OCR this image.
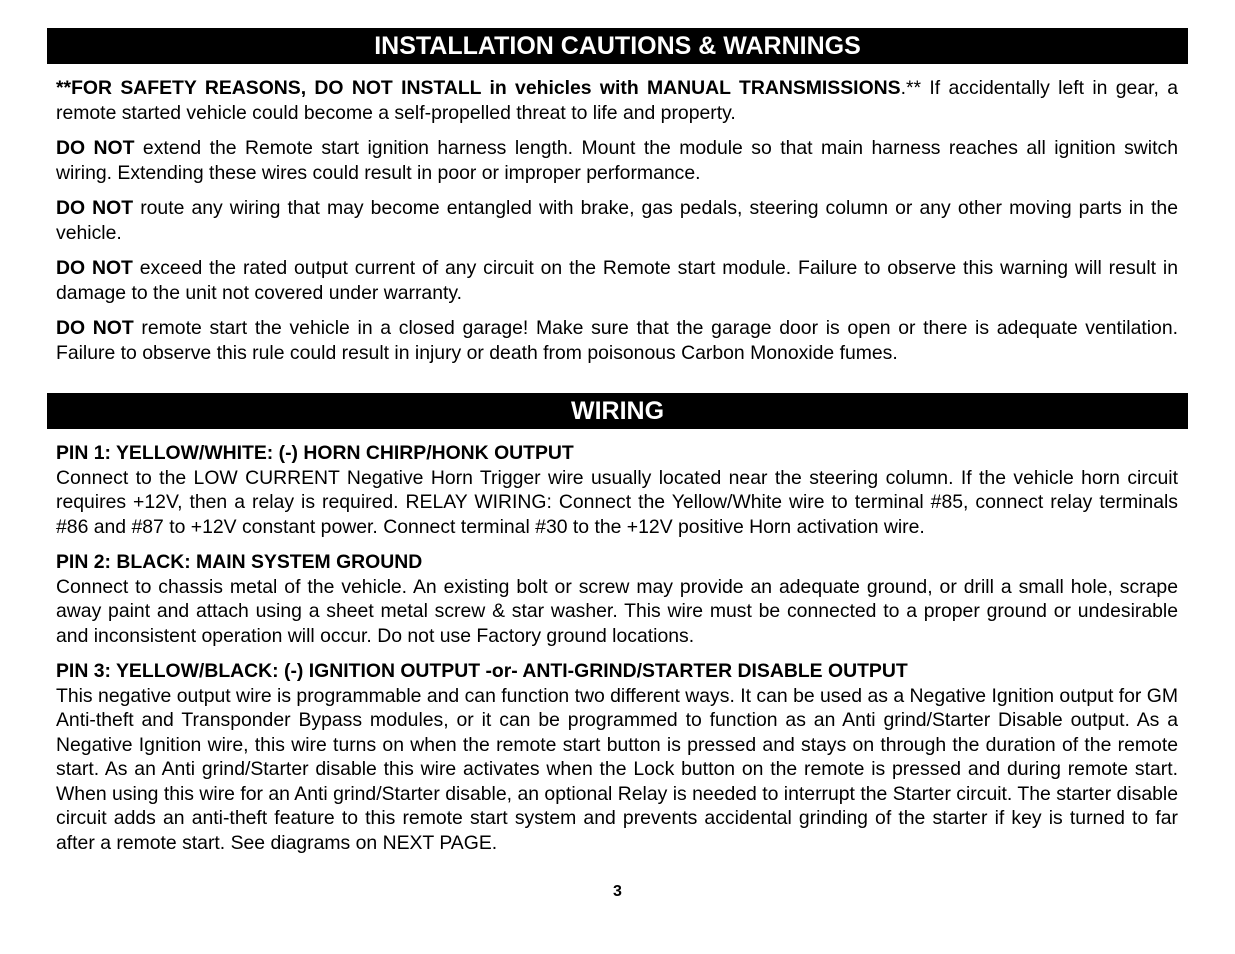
INSTALLATION CAUTIONS & WARNINGS

**FOR SAFETY REASONS, DO NOT INSTALL in vehicles with MANUAL TRANSMISSIONS.** If accidentally left in gear, a remote started vehicle could become a self-propelled threat to life and property.

DO NOT extend the Remote start ignition harness length. Mount the module so that main harness reaches all ignition switch wiring. Extending these wires could result in poor or improper performance.

DO NOT route any wiring that may become entangled with brake, gas pedals, steering column or any other moving parts in the vehicle.

DO NOT exceed the rated output current of any circuit on the Remote start module. Failure to observe this warning will result in damage to the unit not covered under warranty.

DO NOT remote start the vehicle in a closed garage! Make sure that the garage door is open or there is adequate ventilation. Failure to observe this rule could result in injury or death from poisonous Carbon Monoxide fumes.

WIRING

PIN 1: YELLOW/WHITE: (-) HORN CHIRP/HONK OUTPUT
Connect to the LOW CURRENT Negative Horn Trigger wire usually located near the steering column. If the vehicle horn circuit requires +12V, then a relay is required. RELAY WIRING: Connect the Yellow/White wire to terminal #85, connect relay terminals #86 and #87 to +12V constant power. Connect terminal #30 to the +12V positive Horn activation wire.

PIN 2: BLACK: MAIN SYSTEM GROUND
Connect to chassis metal of the vehicle. An existing bolt or screw may provide an adequate ground, or drill a small hole, scrape away paint and attach using a sheet metal screw & star washer. This wire must be connected to a proper ground or undesirable and inconsistent operation will occur. Do not use Factory ground locations.

PIN 3: YELLOW/BLACK: (-) IGNITION OUTPUT -or- ANTI-GRIND/STARTER DISABLE OUTPUT
This negative output wire is programmable and can function two different ways. It can be used as a Negative Ignition output for GM Anti-theft and Transponder Bypass modules, or it can be programmed to function as an Anti grind/Starter Disable output. As a Negative Ignition wire, this wire turns on when the remote start button is pressed and stays on through the duration of the remote start. As an Anti grind/Starter disable this wire activates when the Lock button on the remote is pressed and during remote start. When using this wire for an Anti grind/Starter disable, an optional Relay is needed to interrupt the Starter circuit. The starter disable circuit adds an anti-theft feature to this remote start system and prevents accidental grinding of the starter if key is turned to far after a remote start. See diagrams on NEXT PAGE.

3
